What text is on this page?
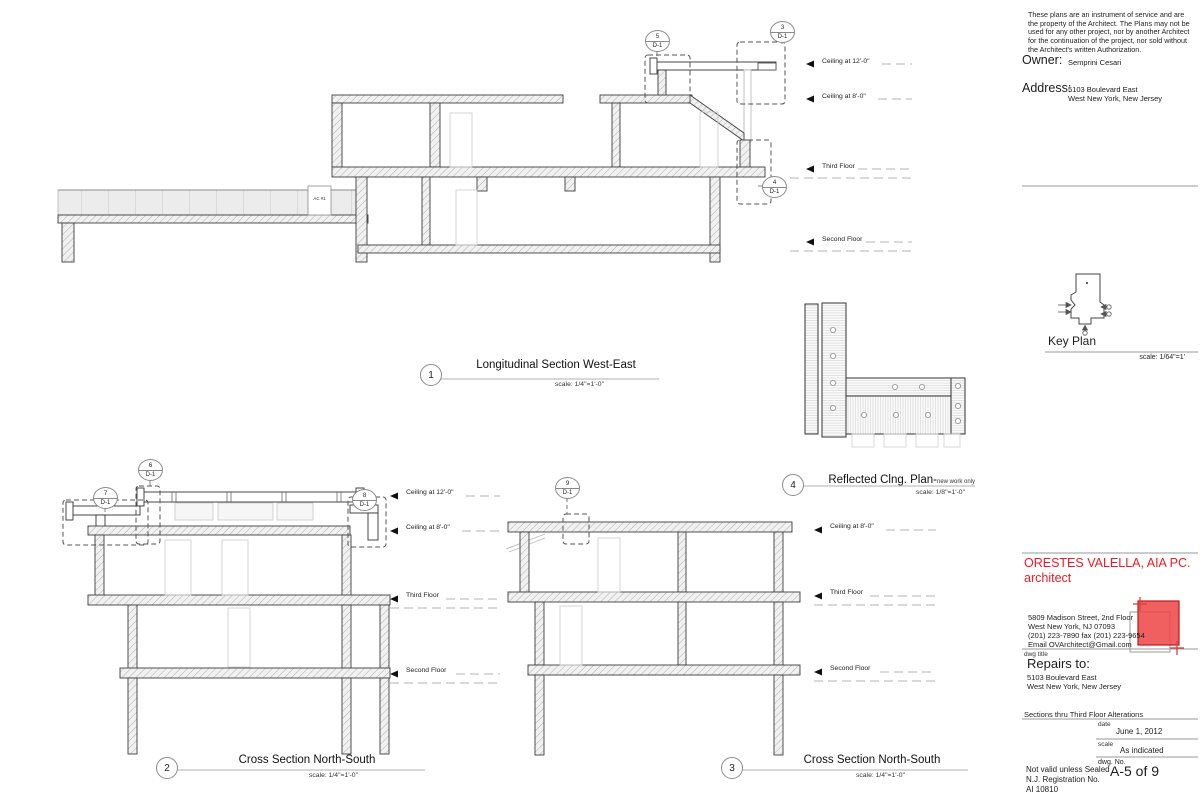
These plans are an instrument of service and are the property of the Architect. The Plans may not be used for any other project, nor by another Architect for the continuation of the project, nor sold without the Architect's written Authorization.
Owner: Semprini Cesari
Address:
5103 Boulevard East
West New York, New Jersey
Key Plan
scale: 1/64"=1'
1
Longitudinal Section West-East
scale: 1/4"=1'-0"
Ceiling at 12'-0"
Ceiling at 8'-0"
Third Floor
Second Floor
AC #1
5
D-1
3
D-1
4
D-1
2
Cross Section North-South
scale: 1/4"=1'-0"
Ceiling at 12'-0"
Ceiling at 8'-0"
Third Floor
Second Floor
6
D-1
7
D-1
8
D-1
3
Cross Section North-South
scale: 1/4"=1'-0"
Ceiling at 8'-0"
Third Floor
Second Floor
9
D-1
4	Reflected Clng. Plan-new work only
scale: 1/8"=1'-0"
ORESTES VALELLA, AIA PC.
architect
5809 Madison Street, 2nd Floor
West New York, NJ 07093
(201) 223-7890 fax (201) 223-9654
Email OVArchitect@Gmail.com
dwg title
Repairs to:
5103 Boulevard East
West New York, New Jersey
Sections thru Third Floor Alterations
date
June 1, 2012
scale
As indicated
dwg. No.
Not valid unless Sealed
N.J. Registration No.
AI 10810
A-5 of 9
